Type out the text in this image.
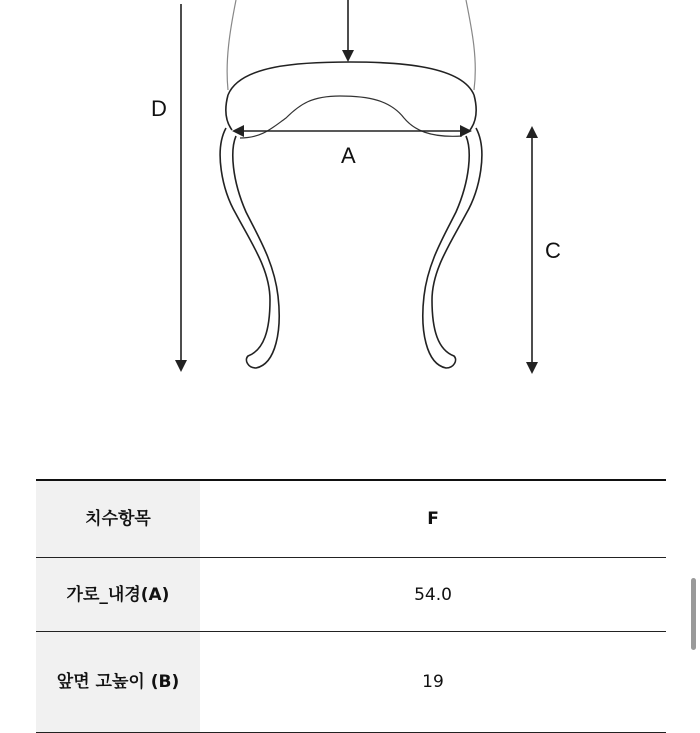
D
A
C
치수항목	F
가로_내경(A)	54.0
앞면 고높이 (B)	19
